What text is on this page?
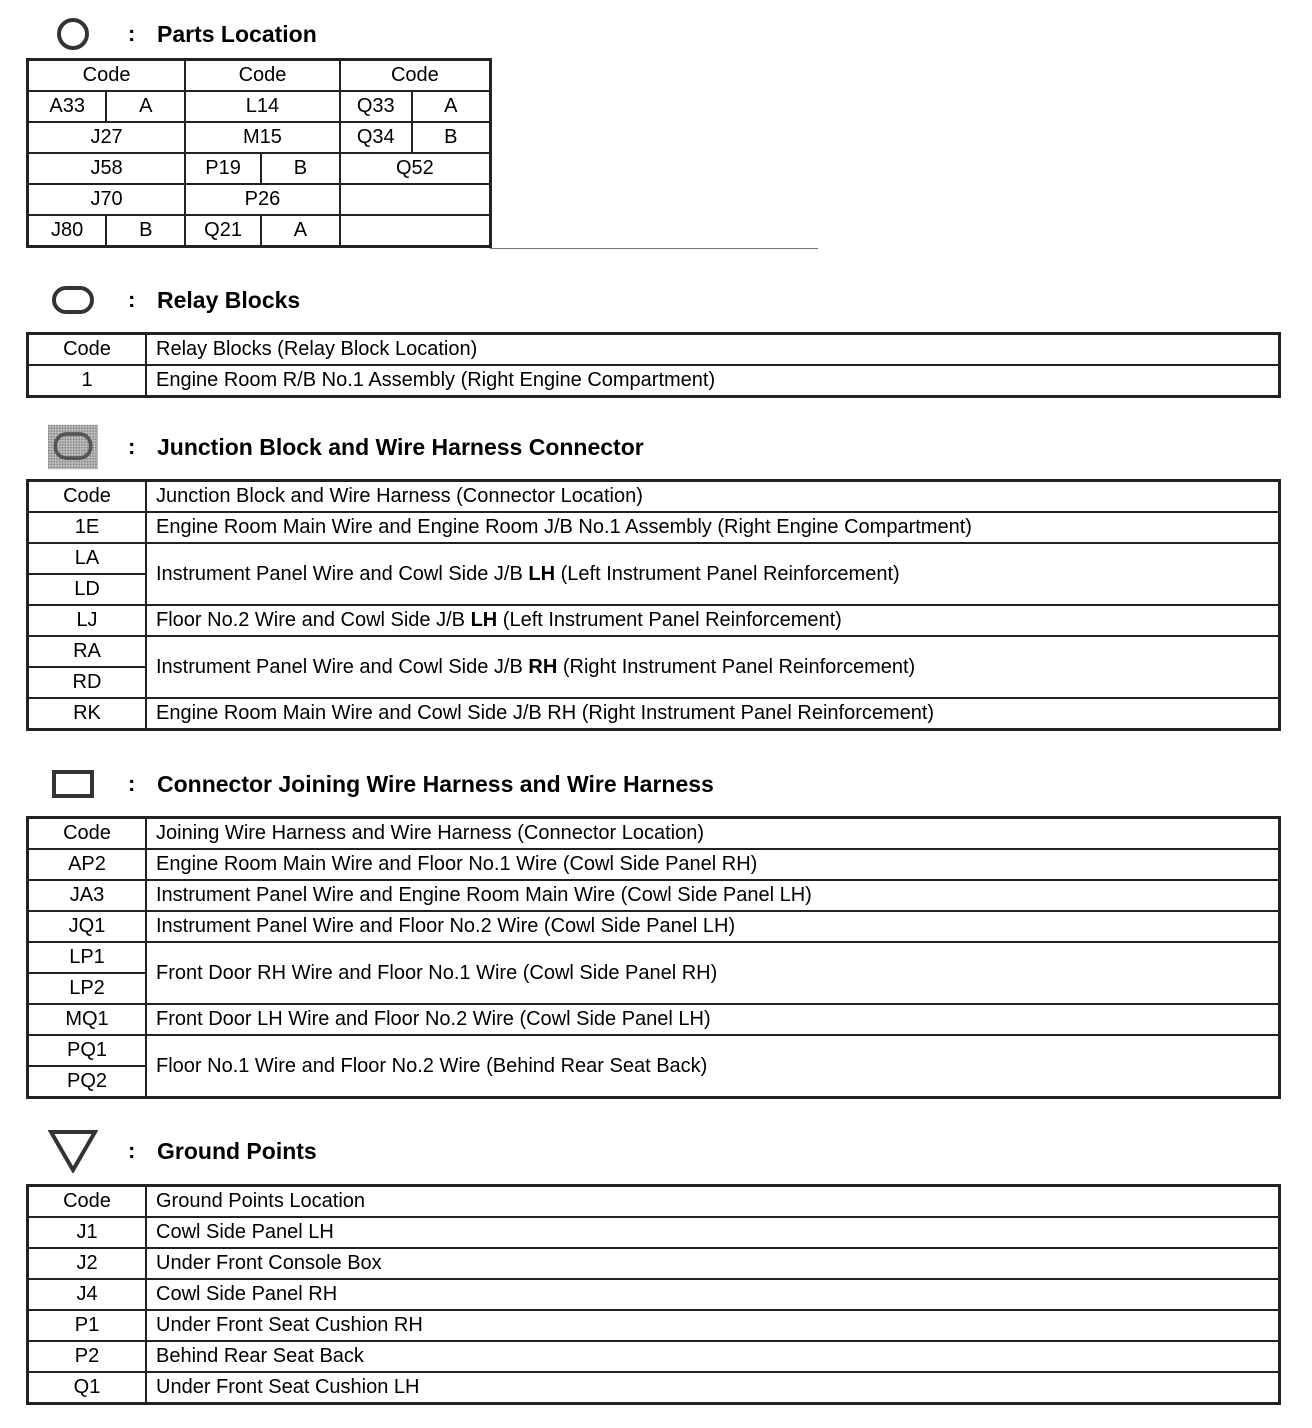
: Parts Location
Code		Code		Code	
A33	A	L14		Q33	A
J27		M15		Q34	B
J58		P19	B	Q52	
J70		P26			
J80	B	Q21	A		
: Relay Blocks
Code	Relay Blocks (Relay Block Location)
1	Engine Room R/B No.1 Assembly (Right Engine Compartment)
: Junction Block and Wire Harness Connector
Code	Junction Block and Wire Harness (Connector Location)
1E	Engine Room Main Wire and Engine Room J/B No.1 Assembly (Right Engine Compartment)
LA	Instrument Panel Wire and Cowl Side J/B LH (Left Instrument Panel Reinforcement)
LD	
LJ	Floor No.2 Wire and Cowl Side J/B LH (Left Instrument Panel Reinforcement)
RA	Instrument Panel Wire and Cowl Side J/B RH (Right Instrument Panel Reinforcement)
RD	
RK	Engine Room Main Wire and Cowl Side J/B RH (Right Instrument Panel Reinforcement)
: Connector Joining Wire Harness and Wire Harness
Code	Joining Wire Harness and Wire Harness (Connector Location)
AP2	Engine Room Main Wire and Floor No.1 Wire (Cowl Side Panel RH)
JA3	Instrument Panel Wire and Engine Room Main Wire (Cowl Side Panel LH)
JQ1	Instrument Panel Wire and Floor No.2 Wire (Cowl Side Panel LH)
LP1	Front Door RH Wire and Floor No.1 Wire (Cowl Side Panel RH)
LP2	
MQ1	Front Door LH Wire and Floor No.2 Wire (Cowl Side Panel LH)
PQ1	Floor No.1 Wire and Floor No.2 Wire (Behind Rear Seat Back)
PQ2	
: Ground Points
Code	Ground Points Location
J1	Cowl Side Panel LH
J2	Under Front Console Box
J4	Cowl Side Panel RH
P1	Under Front Seat Cushion RH
P2	Behind Rear Seat Back
Q1	Under Front Seat Cushion LH
